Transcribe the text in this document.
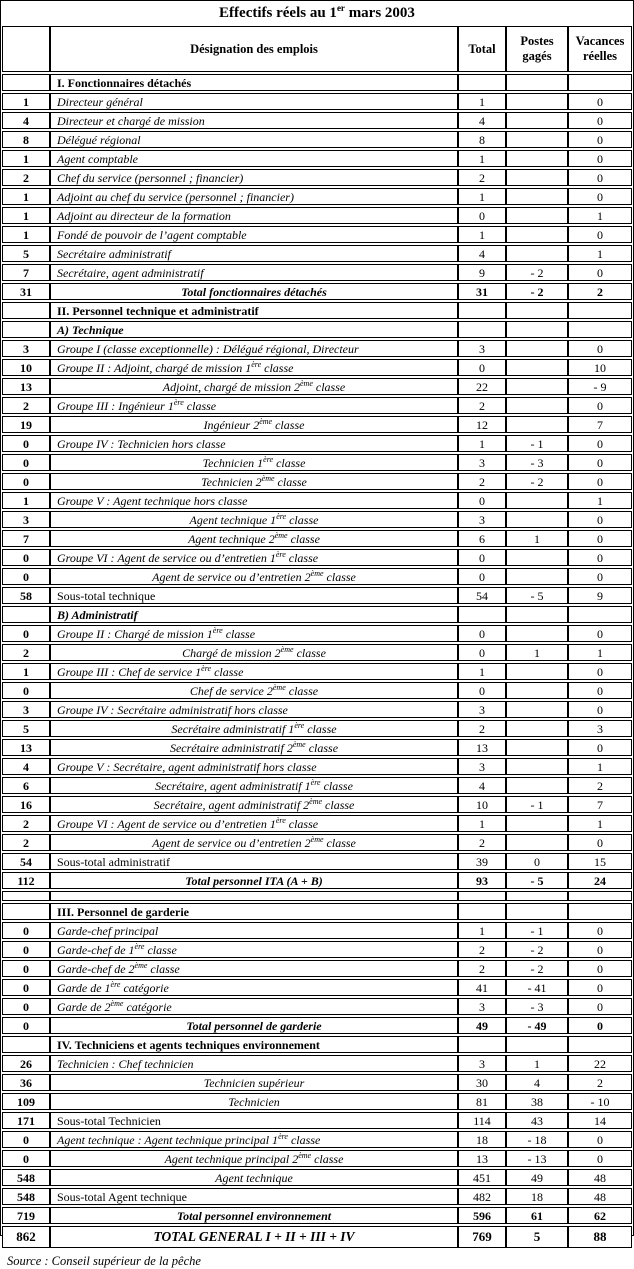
Effectifs réels au 1er mars 2003
	Désignation des emplois	Total	Postes gagés	Vacances réelles
	I. Fonctionnaires détachés			
1	Directeur général	1		0
4	Directeur et chargé de mission	4		0
8	Délégué régional	8		0
1	Agent comptable	1		0
2	Chef du service (personnel ; financier)	2		0
1	Adjoint au chef du service (personnel ; financier)	1		0
1	Adjoint au directeur de la formation	0		1
1	Fondé de pouvoir de l’agent comptable	1		0
5	Secrétaire administratif	4		1
7	Secrétaire, agent administratif	9	- 2	0
31	Total fonctionnaires détachés	31	- 2	2
	II. Personnel technique et administratif			
	A) Technique			
3	Groupe I (classe exceptionnelle) : Délégué régional, Directeur	3		0
10	Groupe II : Adjoint, chargé de mission 1ère classe	0		10
13	Adjoint, chargé de mission 2ème classe	22		- 9
2	Groupe III : Ingénieur 1ère classe	2		0
19	Ingénieur 2ème classe	12		7
0	Groupe IV : Technicien hors classe	1	- 1	0
0	Technicien 1ère classe	3	- 3	0
0	Technicien 2ème classe	2	- 2	0
1	Groupe V : Agent technique hors classe	0		1
3	Agent technique 1ère classe	3		0
7	Agent technique 2ème classe	6	1	0
0	Groupe VI : Agent de service ou d’entretien 1ère classe	0		0
0	Agent de service ou d’entretien 2ème classe	0		0
58	Sous-total technique	54	- 5	9
	B) Administratif			
0	Groupe II : Chargé de mission 1ère classe	0		0
2	Chargé de mission 2ème classe	0	1	1
1	Groupe III : Chef de service 1ère classe	1		0
0	Chef de service 2ème classe	0		0
3	Groupe IV : Secrétaire administratif hors classe	3		0
5	Secrétaire administratif 1ère classe	2		3
13	Secrétaire administratif 2ème classe	13		0
4	Groupe V : Secrétaire, agent administratif hors classe	3		1
6	Secrétaire, agent administratif 1ère classe	4		2
16	Secrétaire, agent administratif 2ème classe	10	- 1	7
2	Groupe VI : Agent de service ou d’entretien 1ère classe	1		1
2	Agent de service ou d’entretien 2ème classe	2		0
54	Sous-total administratif	39	0	15
112	Total personnel ITA (A + B)	93	- 5	24

	III. Personnel de garderie			
0	Garde-chef principal	1	- 1	0
0	Garde-chef de 1ère classe	2	- 2	0
0	Garde-chef de 2ème classe	2	- 2	0
0	Garde de 1ère catégorie	41	- 41	0
0	Garde de 2ème catégorie	3	- 3	0
0	Total personnel de garderie	49	- 49	0
	IV. Techniciens et agents techniques environnement			
26	Technicien : Chef technicien	3	1	22
36	Technicien supérieur	30	4	2
109	Technicien	81	38	- 10
171	Sous-total Technicien	114	43	14
0	Agent technique : Agent technique principal 1ère classe	18	- 18	0
0	Agent technique principal 2ème classe	13	- 13	0
548	Agent technique	451	49	48
548	Sous-total Agent technique	482	18	48
719	Total personnel environnement	596	61	62
862	TOTAL GENERAL I + II + III + IV	769	5	88
Source : Conseil supérieur de la pêche
